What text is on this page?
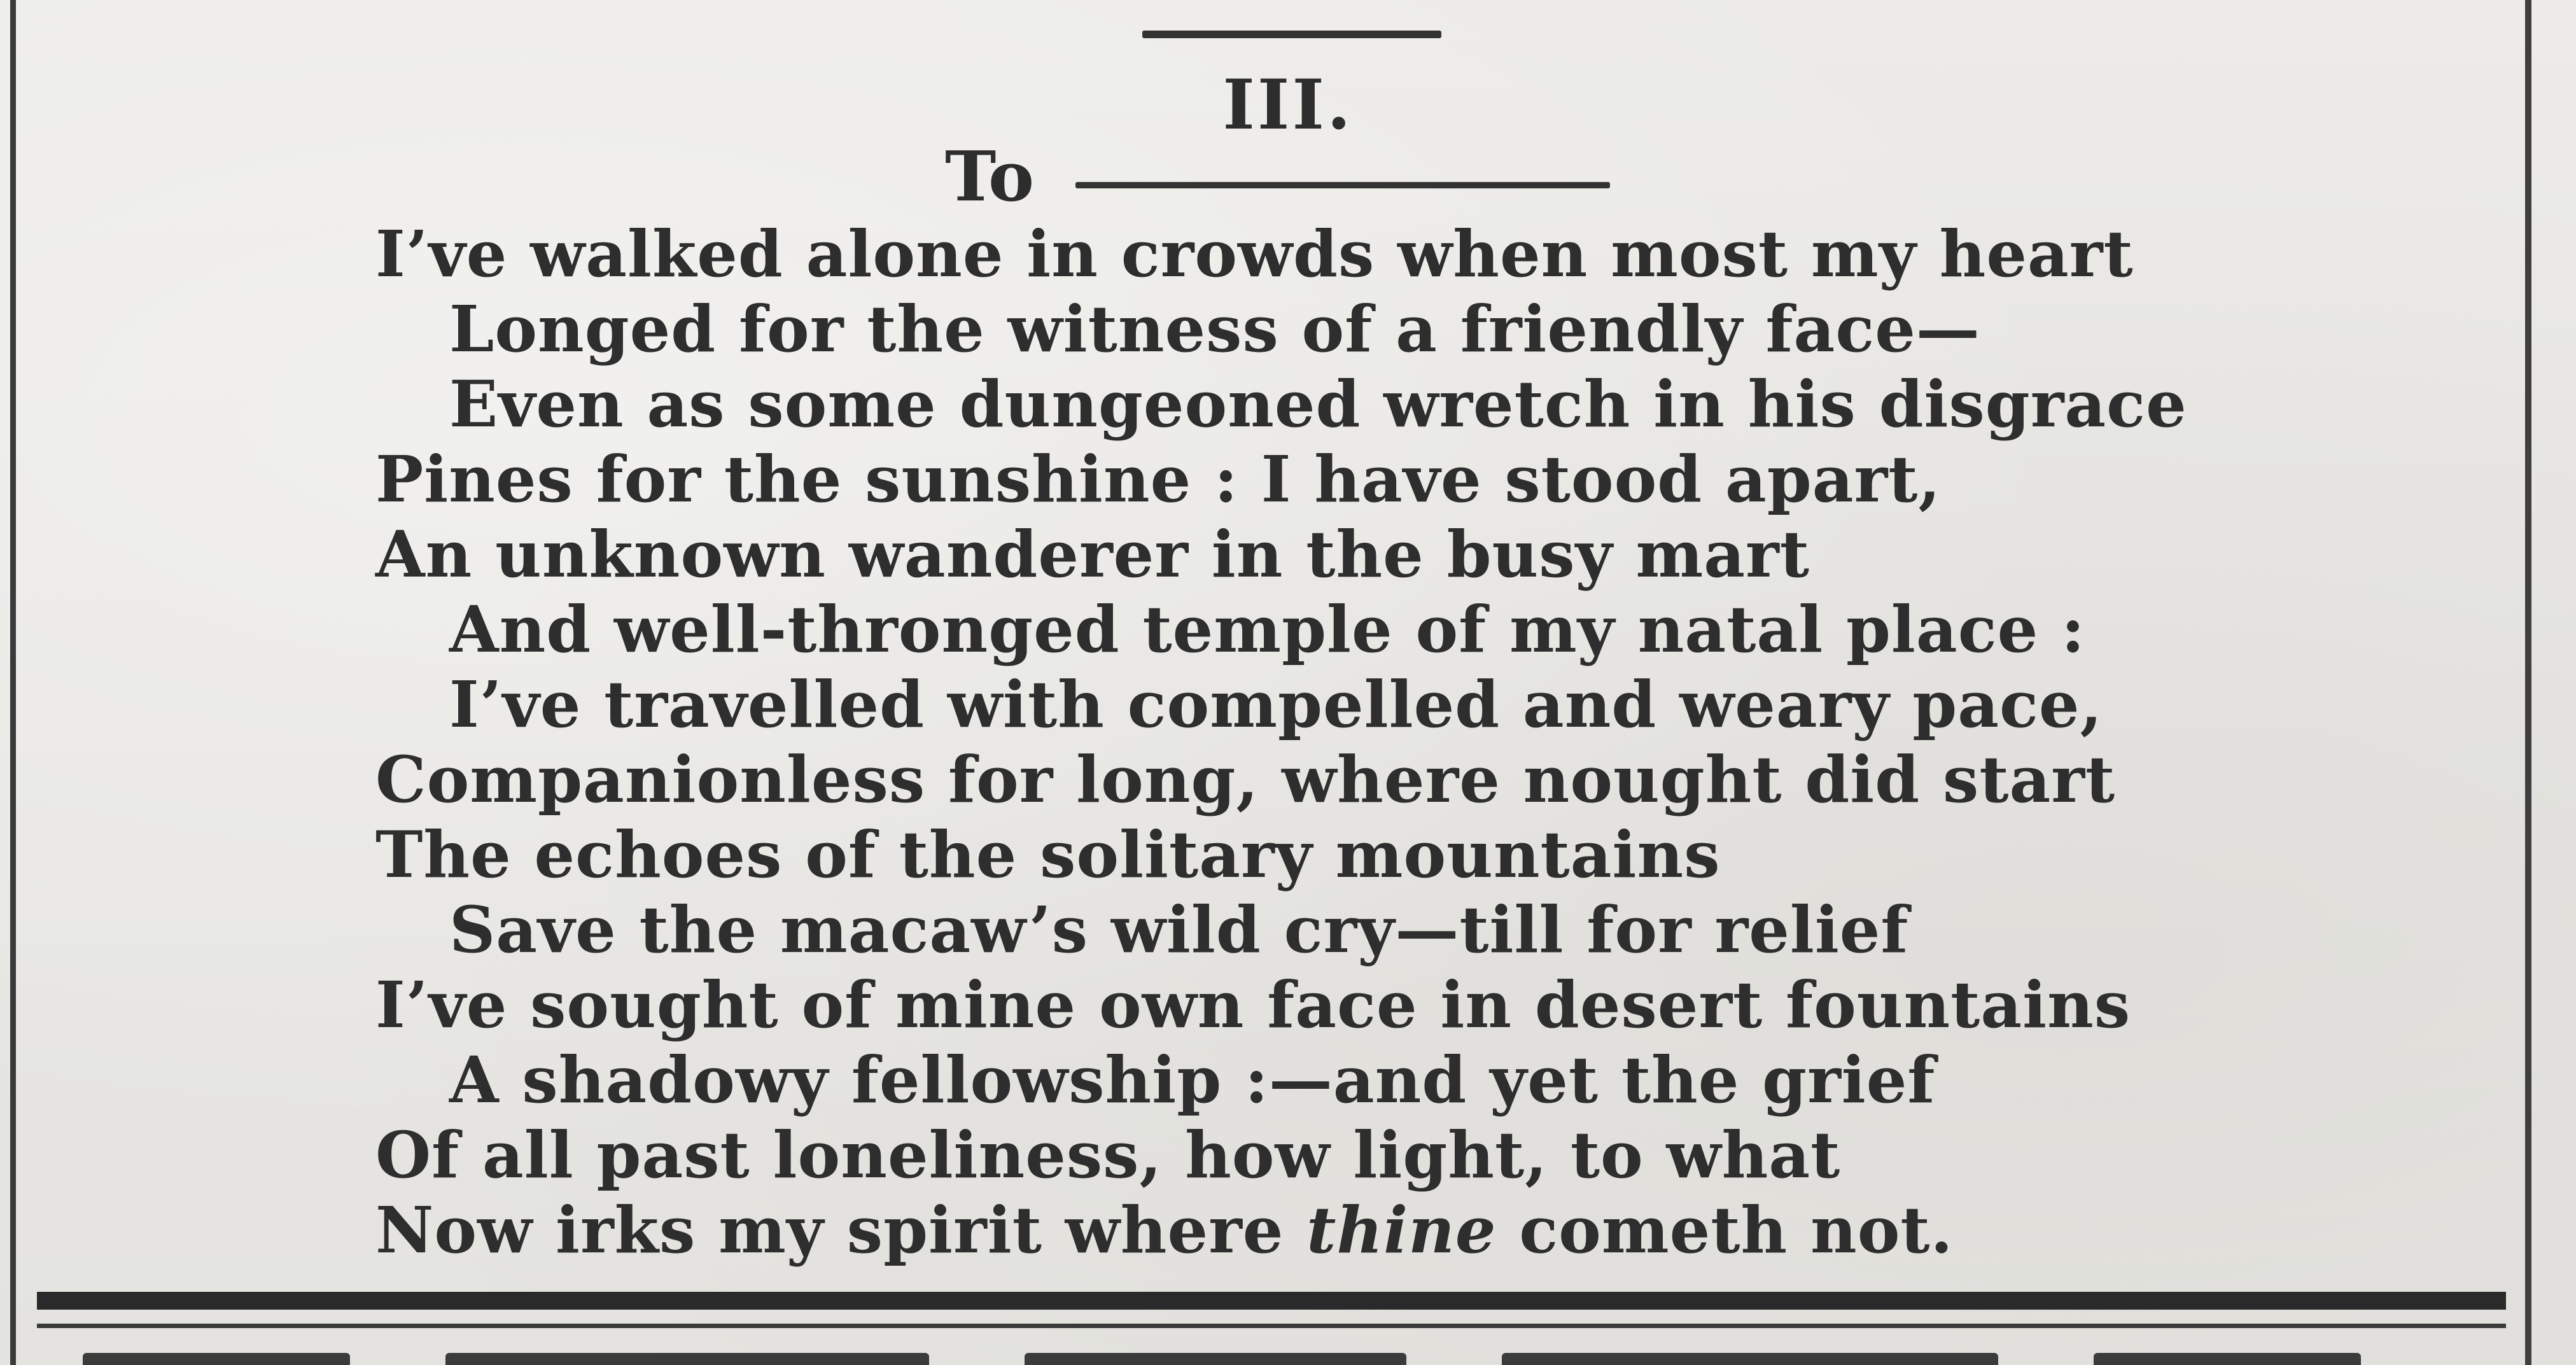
III.
To
I’ve walked alone in crowds when most my heart
Longed for the witness of a friendly face—
Even as some dungeoned wretch in his disgrace
Pines for the sunshine : I have stood apart,
An unknown wanderer in the busy mart
And well-thronged temple of my natal place :
I’ve travelled with compelled and weary pace,
Companionless for long, where nought did start
The echoes of the solitary mountains
Save the macaw’s wild cry—till for relief
I’ve sought of mine own face in desert fountains
A shadowy fellowship :—and yet the grief
Of all past loneliness, how light, to what
Now irks my spirit where thine cometh not.
